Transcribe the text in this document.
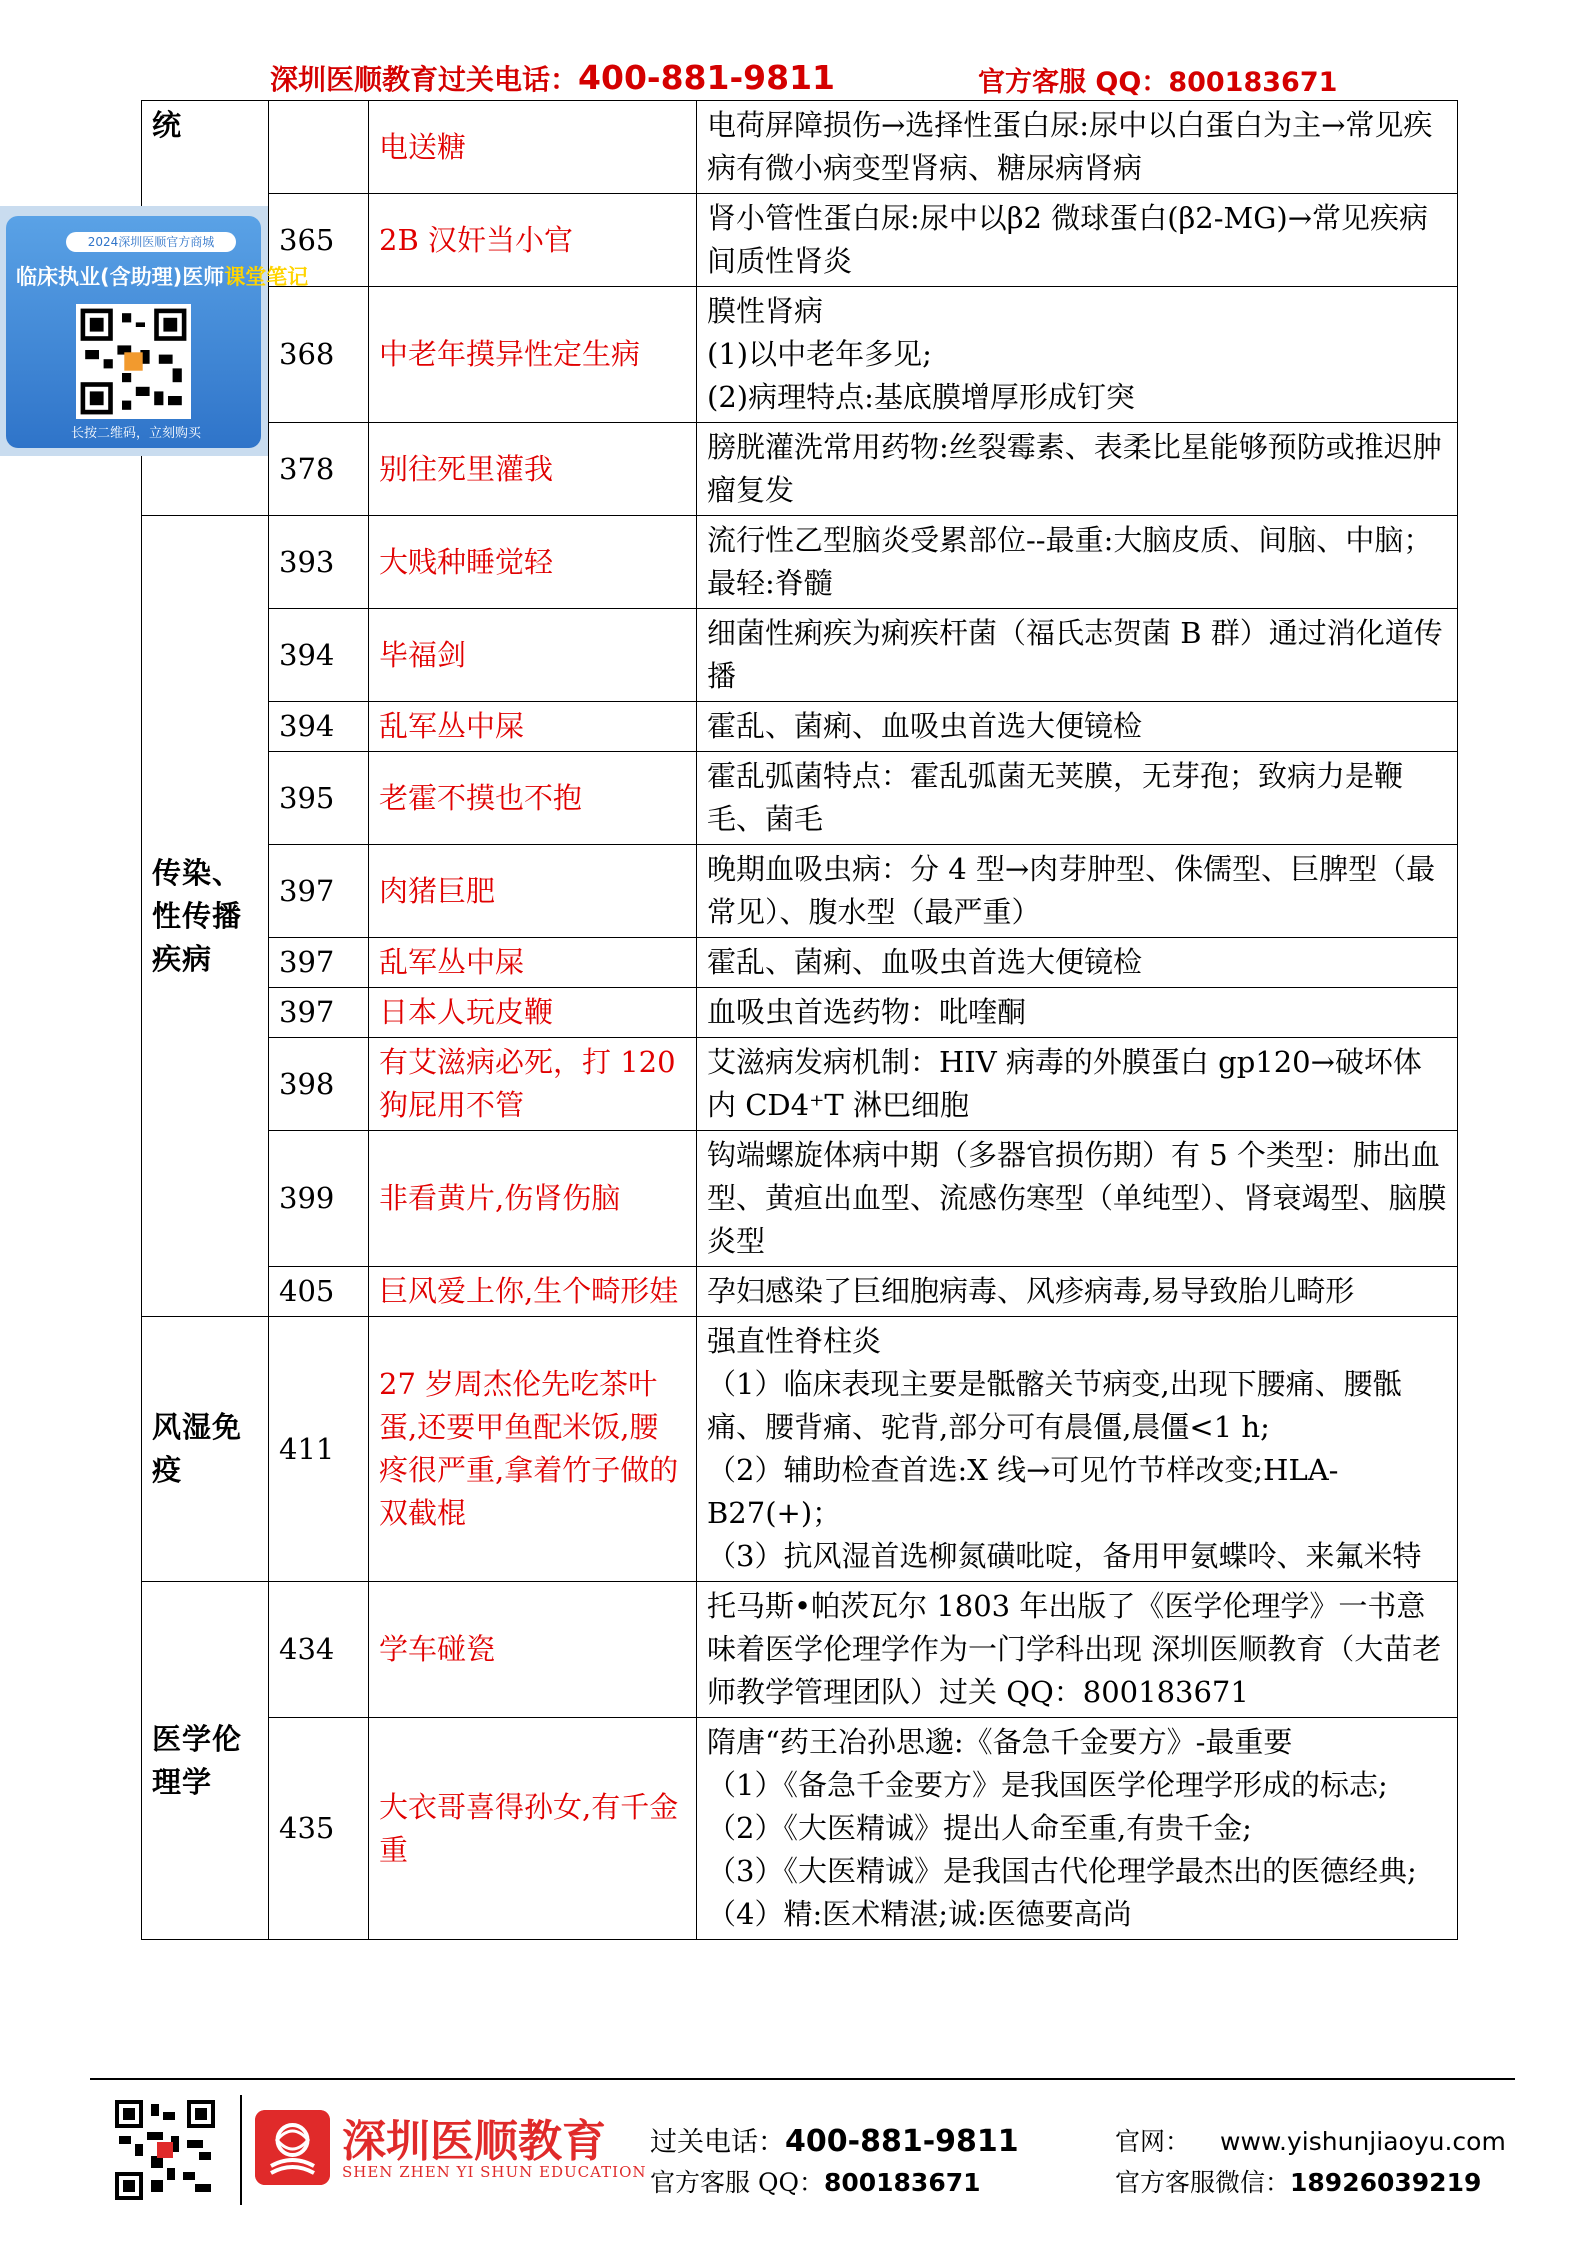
深圳医顺教育过关电话：400-881-9811	官方客服 QQ：800183671
统		电送糖	电荷屏障损伤→选择性蛋白尿:尿中以白蛋白为主→常见疾病有微小病变型肾病、糖尿病肾病

	365	2B 汉奸当小官	肾小管性蛋白尿:尿中以β2 微球蛋白(β2-MG)→常见疾病间质性肾炎

	368	中老年摸异性定生病	膜性肾病
(1)以中老年多见;
(2)病理特点:基底膜增厚形成钉突

	378	别往死里灌我	膀胱灌洗常用药物:丝裂霉素、表柔比星能够预防或推迟肿瘤复发

传染、性传播疾病	393	大贱种睡觉轻	流行性乙型脑炎受累部位--最重:大脑皮质、间脑、中脑；最轻:脊髓

	394	毕福剑	细菌性痢疾为痢疾杆菌（福氏志贺菌 B 群）通过消化道传播

	394	乱军丛中屎	霍乱、菌痢、血吸虫首选大便镜检

	395	老霍不摸也不抱	霍乱弧菌特点：霍乱弧菌无荚膜，无芽孢；致病力是鞭毛、菌毛

	397	肉猪巨肥	晚期血吸虫病：分 4 型→肉芽肿型、侏儒型、巨脾型（最常见）、腹水型（最严重）

	397	乱军丛中屎	霍乱、菌痢、血吸虫首选大便镜检

	397	日本人玩皮鞭	血吸虫首选药物：吡喹酮

	398	有艾滋病必死，打 120 狗屁用不管	艾滋病发病机制：HIV 病毒的外膜蛋白 gp120→破坏体内 CD4⁺T 淋巴细胞

	399	非看黄片,伤肾伤脑	钩端螺旋体病中期（多器官损伤期）有 5 个类型：肺出血型、黄疸出血型、流感伤寒型（单纯型）、肾衰竭型、脑膜炎型

	405	巨风爱上你,生个畸形娃	孕妇感染了巨细胞病毒、风疹病毒,易导致胎儿畸形

风湿免疫	411	27 岁周杰伦先吃茶叶蛋,还要甲鱼配米饭,腰疼很严重,拿着竹子做的双截棍	强直性脊柱炎
（1）临床表现主要是骶髂关节病变,出现下腰痛、腰骶痛、腰背痛、驼背,部分可有晨僵,晨僵<1 h;
（2）辅助检查首选:X 线→可见竹节样改变;HLA-B27(+)；
（3）抗风湿首选柳氮磺吡啶，备用甲氨蝶呤、来氟米特

医学伦理学	434	学车碰瓷	托马斯•帕茨瓦尔 1803 年出版了《医学伦理学》一书意味着医学伦理学作为一门学科出现 深圳医顺教育（大苗老师教学管理团队）过关 QQ：800183671

	435	大衣哥喜得孙女,有千金重	隋唐“药王冶孙思邈:《备急千金要方》-最重要
（1）《备急千金要方》是我国医学伦理学形成的标志;
（2）《大医精诚》提出人命至重,有贵千金;
（3）《大医精诚》是我国古代伦理学最杰出的医德经典;
（4）精:医术精湛;诚:医德要高尚
2024深圳医顺官方商城
临床执业(含助理)医师课堂笔记
长按二维码，立刻购买
深圳医顺教育
SHEN ZHEN YI SHUN EDUCATION
过关电话：400-881-9811
官方客服 QQ：800183671
官网： www.yishunjiaoyu.com
官方客服微信：18926039219
